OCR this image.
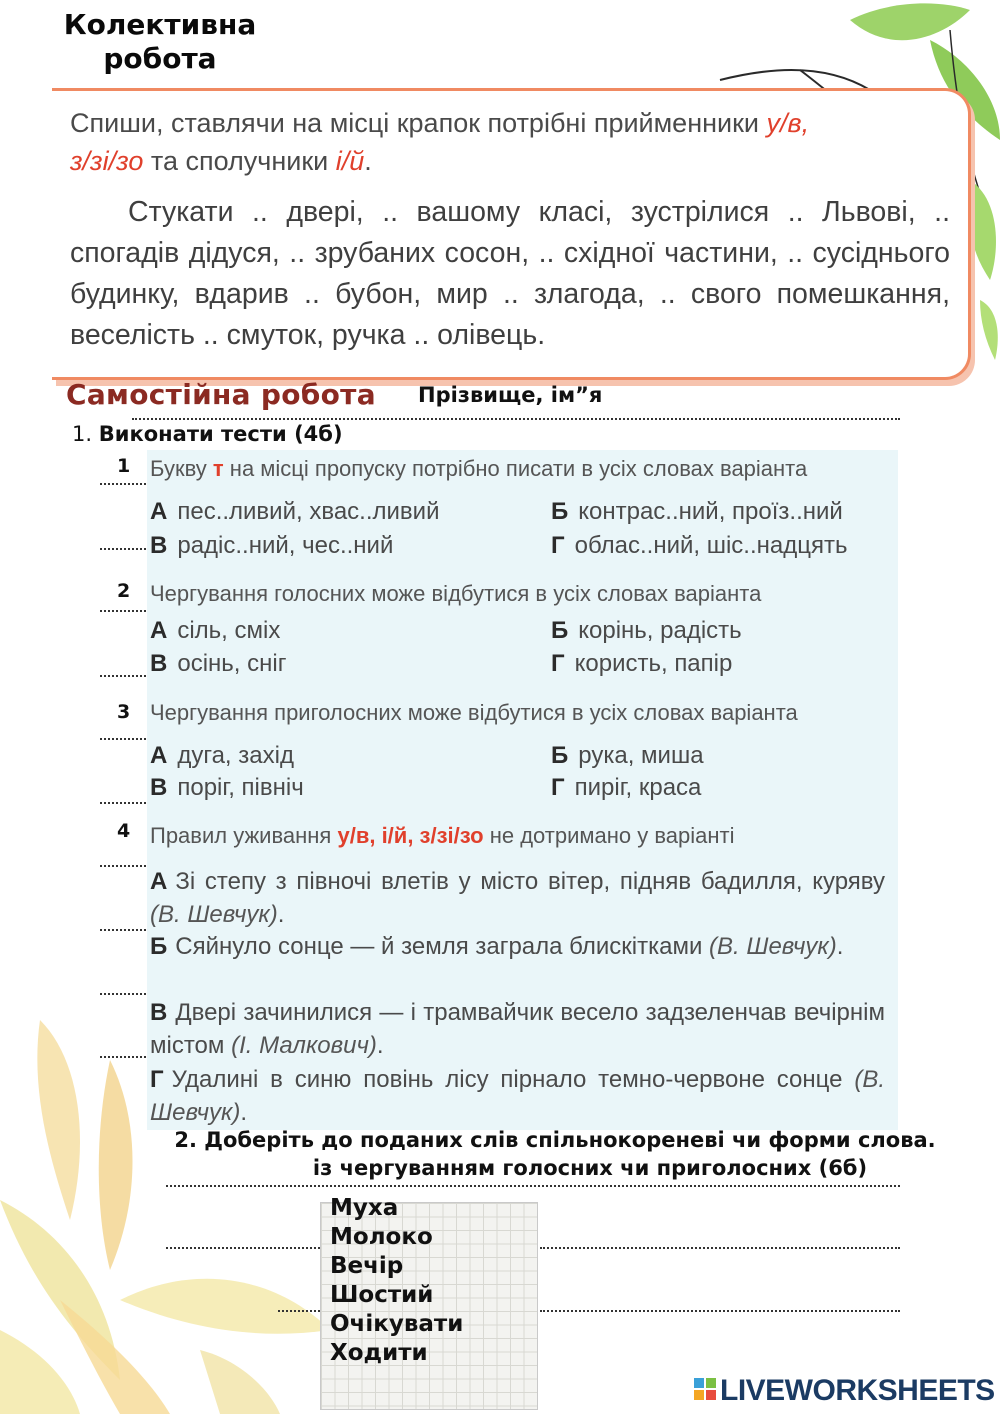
Колективна
робота
Спиши, ставлячи на місці крапок потрібні прийменники у/в,
з/зі/зо та сполучники і/й.
Стукати .. двері, .. вашому класі, зустрілися .. Львові, .. спогадів дідуся, .. зрубаних сосон, .. східної частини, .. сусіднього будинку, вдарив .. бубон, мир .. злагода, .. свого помешкання, веселість .. смуток, ручка .. олівець.
Самостійна робота Прізвище, ім”я
1. Виконати тести (4б)
1 Букву т на місці пропуску потрібно писати в усіх словах варіанта
А пес..ливий, хвас..ливий	Б контрас..ний, проїз..ний
В радіс..ний, чес..ний	Г облас..ний, шіс..надцять
2 Чергування голосних може відбутися в усіх словах варіанта
А сіль, сміх	Б корінь, радість
В осінь, сніг	Г користь, папір
3 Чергування приголосних може відбутися в усіх словах варіанта
А дуга, захід	Б рука, миша
В поріг, північ	Г пиріг, краса
4 Правил уживання у/в, і/й, з/зі/зо не дотримано у варіанті
А Зі степу з півночі влетів у місто вітер, підняв бадилля, куряву (В. Шевчук).
Б Сяйнуло сонце — й земля заграла блискітками (В. Шевчук).
В Двері зачинилися — і трамвайчик весело задзеленчав вечірнім містом (І. Малкович).
Г Удалині в синю повінь лісу пірнало темно-червоне сонце (В. Шевчук).
2. Доберіть до поданих слів спільнокореневі чи форми слова.
із чергуванням голосних чи приголосних (6б)
Муха
Молоко
Вечір
Шостий
Очікувати
Ходити
LIVEWORKSHEETS
